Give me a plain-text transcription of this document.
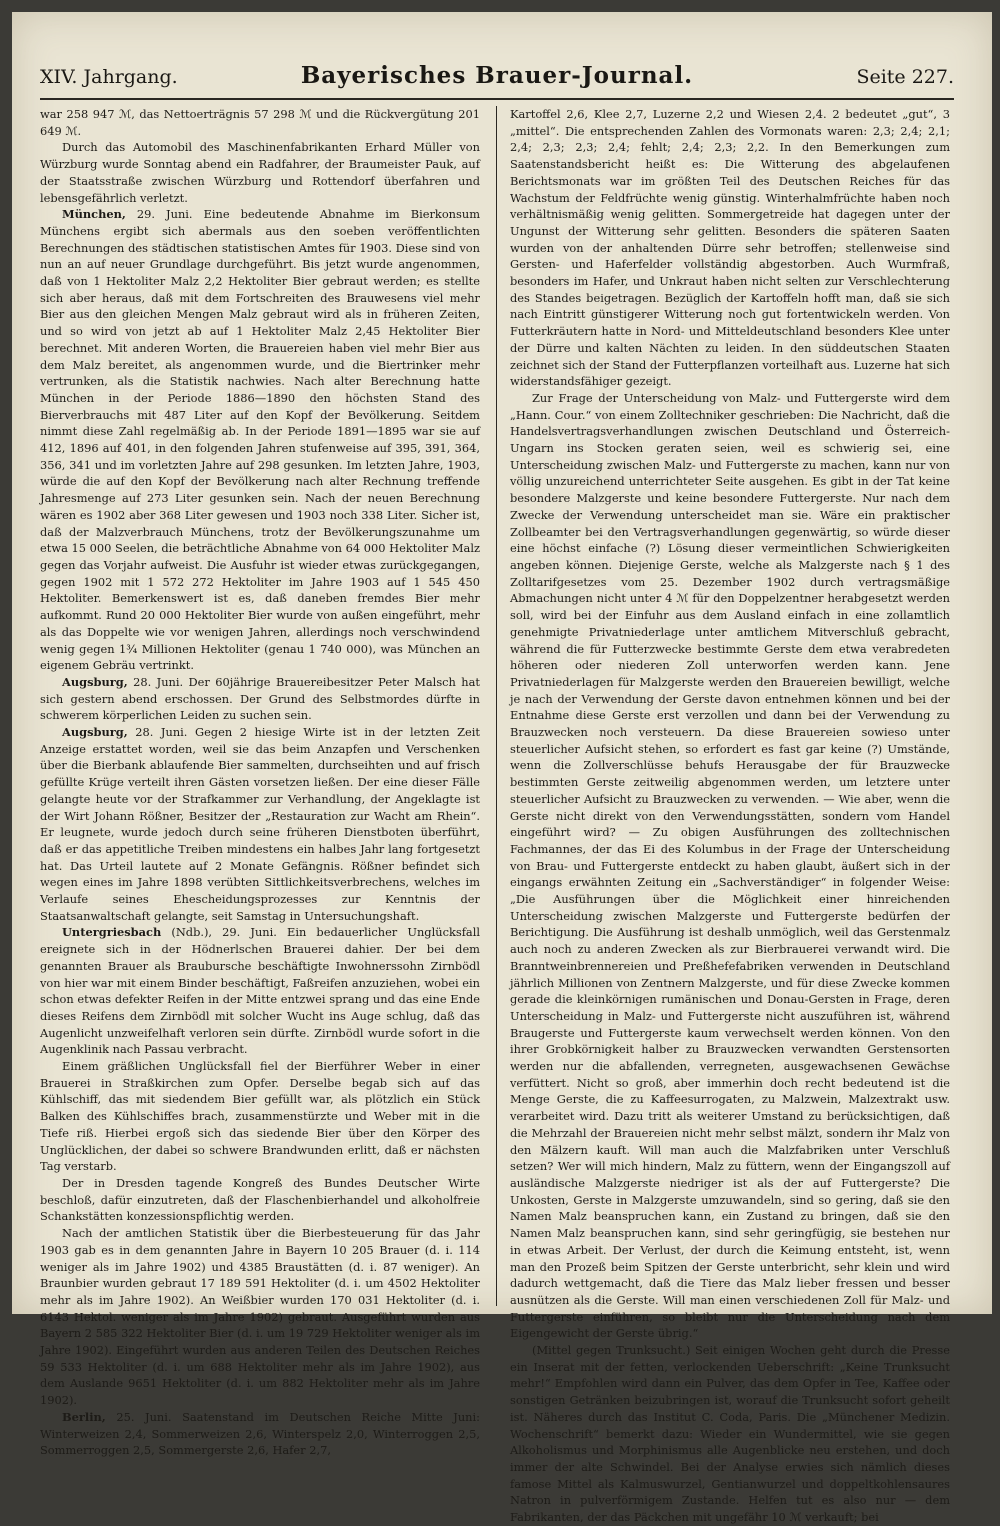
XIV. Jahrgang.	Bayerisches Brauer-Journal.	Seite 227.

war 258 947 ℳ, das Nettoerträgnis 57 298 ℳ und die Rückvergütung 201 649 ℳ.

Durch das Automobil des Maschinenfabrikanten Erhard Müller von Würzburg wurde Sonntag abend ein Radfahrer, der Braumeister Pauk, auf der Staatsstraße zwischen Würzburg und Rottendorf überfahren und lebensgefährlich verletzt.

München, 29. Juni. Eine bedeutende Abnahme im Bierkonsum Münchens ergibt sich abermals aus den soeben veröffentlichten Berechnungen des städtischen statistischen Amtes für 1903. Diese sind von nun an auf neuer Grundlage durchgeführt. Bis jetzt wurde angenommen, daß von 1 Hektoliter Malz 2,2 Hektoliter Bier gebraut werden; es stellte sich aber heraus, daß mit dem Fortschreiten des Brauwesens viel mehr Bier aus den gleichen Mengen Malz gebraut wird als in früheren Zeiten, und so wird von jetzt ab auf 1 Hektoliter Malz 2,45 Hektoliter Bier berechnet. Mit anderen Worten, die Brauereien haben viel mehr Bier aus dem Malz bereitet, als angenommen wurde, und die Biertrinker mehr vertrunken, als die Statistik nachwies. Nach alter Berechnung hatte München in der Periode 1886—1890 den höchsten Stand des Bierverbrauchs mit 487 Liter auf den Kopf der Bevölkerung. Seitdem nimmt diese Zahl regelmäßig ab. In der Periode 1891—1895 war sie auf 412, 1896 auf 401, in den folgenden Jahren stufenweise auf 395, 391, 364, 356, 341 und im vorletzten Jahre auf 298 gesunken. Im letzten Jahre, 1903, würde die auf den Kopf der Bevölkerung nach alter Rechnung treffende Jahresmenge auf 273 Liter gesunken sein. Nach der neuen Berechnung wären es 1902 aber 368 Liter gewesen und 1903 noch 338 Liter. Sicher ist, daß der Malzverbrauch Münchens, trotz der Bevölkerungszunahme um etwa 15 000 Seelen, die beträchtliche Abnahme von 64 000 Hektoliter Malz gegen das Vorjahr aufweist. Die Ausfuhr ist wieder etwas zurückgegangen, gegen 1902 mit 1 572 272 Hektoliter im Jahre 1903 auf 1 545 450 Hektoliter. Bemerkenswert ist es, daß daneben fremdes Bier mehr aufkommt. Rund 20 000 Hektoliter Bier wurde von außen eingeführt, mehr als das Doppelte wie vor wenigen Jahren, allerdings noch verschwindend wenig gegen 1¾ Millionen Hektoliter (genau 1 740 000), was München an eigenem Gebräu vertrinkt.

Augsburg, 28. Juni. Der 60jährige Brauereibesitzer Peter Malsch hat sich gestern abend erschossen. Der Grund des Selbstmordes dürfte in schwerem körperlichen Leiden zu suchen sein.

Augsburg, 28. Juni. Gegen 2 hiesige Wirte ist in der letzten Zeit Anzeige erstattet worden, weil sie das beim Anzapfen und Verschenken über die Bierbank ablaufende Bier sammelten, durchseihten und auf frisch gefüllte Krüge verteilt ihren Gästen vorsetzen ließen. Der eine dieser Fälle gelangte heute vor der Strafkammer zur Verhandlung, der Angeklagte ist der Wirt Johann Rößner, Besitzer der „Restauration zur Wacht am Rhein“. Er leugnete, wurde jedoch durch seine früheren Dienstboten überführt, daß er das appetitliche Treiben mindestens ein halbes Jahr lang fortgesetzt hat. Das Urteil lautete auf 2 Monate Gefängnis. Rößner befindet sich wegen eines im Jahre 1898 verübten Sittlichkeitsverbrechens, welches im Verlaufe seines Ehescheidungsprozesses zur Kenntnis der Staatsanwaltschaft gelangte, seit Samstag in Untersuchungshaft.

Untergriesbach (Ndb.), 29. Juni. Ein bedauerlicher Unglücksfall ereignete sich in der Hödnerlschen Brauerei dahier. Der bei dem genannten Brauer als Braubursche beschäftigte Inwohnerssohn Zirnbödl von hier war mit einem Binder beschäftigt, Faßreifen anzuziehen, wobei ein schon etwas defekter Reifen in der Mitte entzwei sprang und das eine Ende dieses Reifens dem Zirnbödl mit solcher Wucht ins Auge schlug, daß das Augenlicht unzweifelhaft verloren sein dürfte. Zirnbödl wurde sofort in die Augenklinik nach Passau verbracht.

Einem gräßlichen Unglücksfall fiel der Bierführer Weber in einer Brauerei in Straßkirchen zum Opfer. Derselbe begab sich auf das Kühlschiff, das mit siedendem Bier gefüllt war, als plötzlich ein Stück Balken des Kühlschiffes brach, zusammenstürzte und Weber mit in die Tiefe riß. Hierbei ergoß sich das siedende Bier über den Körper des Unglücklichen, der dabei so schwere Brandwunden erlitt, daß er nächsten Tag verstarb.

Der in Dresden tagende Kongreß des Bundes Deutscher Wirte beschloß, dafür einzutreten, daß der Flaschenbierhandel und alkoholfreie Schankstätten konzessionspflichtig werden.

Nach der amtlichen Statistik über die Bierbesteuerung für das Jahr 1903 gab es in dem genannten Jahre in Bayern 10 205 Brauer (d. i. 114 weniger als im Jahre 1902) und 4385 Braustätten (d. i. 87 weniger). An Braunbier wurden gebraut 17 189 591 Hektoliter (d. i. um 4502 Hektoliter mehr als im Jahre 1902). An Weißbier wurden 170 031 Hektoliter (d. i. 6143 Hektol. weniger als im Jahre 1902) gebraut. Ausgeführt wurden aus Bayern 2 585 322 Hektoliter Bier (d. i. um 19 729 Hektoliter weniger als im Jahre 1902). Eingeführt wurden aus anderen Teilen des Deutschen Reiches 59 533 Hektoliter (d. i. um 688 Hektoliter mehr als im Jahre 1902), aus dem Auslande 9651 Hektoliter (d. i. um 882 Hektoliter mehr als im Jahre 1902).

Berlin, 25. Juni. Saatenstand im Deutschen Reiche Mitte Juni: Winterweizen 2,4, Sommerweizen 2,6, Winterspelz 2,0, Winterroggen 2,5, Sommerroggen 2,5, Sommergerste 2,6, Hafer 2,7,

Kartoffel 2,6, Klee 2,7, Luzerne 2,2 und Wiesen 2,4. 2 bedeutet „gut“, 3 „mittel“. Die entsprechenden Zahlen des Vormonats waren: 2,3; 2,4; 2,1; 2,4; 2,3; 2,3; 2,4; fehlt; 2,4; 2,3; 2,2. In den Bemerkungen zum Saatenstandsbericht heißt es: Die Witterung des abgelaufenen Berichtsmonats war im größten Teil des Deutschen Reiches für das Wachstum der Feldfrüchte wenig günstig. Winterhalmfrüchte haben noch verhältnismäßig wenig gelitten. Sommergetreide hat dagegen unter der Ungunst der Witterung sehr gelitten. Besonders die späteren Saaten wurden von der anhaltenden Dürre sehr betroffen; stellenweise sind Gersten- und Haferfelder vollständig abgestorben. Auch Wurmfraß, besonders im Hafer, und Unkraut haben nicht selten zur Verschlechterung des Standes beigetragen. Bezüglich der Kartoffeln hofft man, daß sie sich nach Eintritt günstigerer Witterung noch gut fortentwickeln werden. Von Futterkräutern hatte in Nord- und Mitteldeutschland besonders Klee unter der Dürre und kalten Nächten zu leiden. In den süddeutschen Staaten zeichnet sich der Stand der Futterpflanzen vorteilhaft aus. Luzerne hat sich widerstandsfähiger gezeigt.

Zur Frage der Unterscheidung von Malz- und Futtergerste wird dem „Hann. Cour.“ von einem Zolltechniker geschrieben: Die Nachricht, daß die Handelsvertragsverhandlungen zwischen Deutschland und Österreich-Ungarn ins Stocken geraten seien, weil es schwierig sei, eine Unterscheidung zwischen Malz- und Futtergerste zu machen, kann nur von völlig unzureichend unterrichteter Seite ausgehen. Es gibt in der Tat keine besondere Malzgerste und keine besondere Futtergerste. Nur nach dem Zwecke der Verwendung unterscheidet man sie. Wäre ein praktischer Zollbeamter bei den Vertragsverhandlungen gegenwärtig, so würde dieser eine höchst einfache (?) Lösung dieser vermeintlichen Schwierigkeiten angeben können. Diejenige Gerste, welche als Malzgerste nach § 1 des Zolltarifgesetzes vom 25. Dezember 1902 durch vertragsmäßige Abmachungen nicht unter 4 ℳ für den Doppelzentner herabgesetzt werden soll, wird bei der Einfuhr aus dem Ausland einfach in eine zollamtlich genehmigte Privatniederlage unter amtlichem Mitverschluß gebracht, während die für Futterzwecke bestimmte Gerste dem etwa verabredeten höheren oder niederen Zoll unterworfen werden kann. Jene Privatniederlagen für Malzgerste werden den Brauereien bewilligt, welche je nach der Verwendung der Gerste davon entnehmen können und bei der Entnahme diese Gerste erst verzollen und dann bei der Verwendung zu Brauzwecken noch versteuern. Da diese Brauereien sowieso unter steuerlicher Aufsicht stehen, so erfordert es fast gar keine (?) Umstände, wenn die Zollverschlüsse behufs Herausgabe der für Brauzwecke bestimmten Gerste zeitweilig abgenommen werden, um letztere unter steuerlicher Aufsicht zu Brauzwecken zu verwenden. — Wie aber, wenn die Gerste nicht direkt von den Verwendungsstätten, sondern vom Handel eingeführt wird? — Zu obigen Ausführungen des zolltechnischen Fachmannes, der das Ei des Kolumbus in der Frage der Unterscheidung von Brau- und Futtergerste entdeckt zu haben glaubt, äußert sich in der eingangs erwähnten Zeitung ein „Sachverständiger“ in folgender Weise: „Die Ausführungen über die Möglichkeit einer hinreichenden Unterscheidung zwischen Malzgerste und Futtergerste bedürfen der Berichtigung. Die Ausführung ist deshalb unmöglich, weil das Gerstenmalz auch noch zu anderen Zwecken als zur Bierbrauerei verwandt wird. Die Branntweinbrennereien und Preßhefefabriken verwenden in Deutschland jährlich Millionen von Zentnern Malzgerste, und für diese Zwecke kommen gerade die kleinkörnigen rumänischen und Donau-Gersten in Frage, deren Unterscheidung in Malz- und Futtergerste nicht auszuführen ist, während Braugerste und Futtergerste kaum verwechselt werden können. Von den ihrer Grobkörnigkeit halber zu Brauzwecken verwandten Gerstensorten werden nur die abfallenden, verregneten, ausgewachsenen Gewächse verfüttert. Nicht so groß, aber immerhin doch recht bedeutend ist die Menge Gerste, die zu Kaffeesurrogaten, zu Malzwein, Malzextrakt usw. verarbeitet wird. Dazu tritt als weiterer Umstand zu berücksichtigen, daß die Mehrzahl der Brauereien nicht mehr selbst mälzt, sondern ihr Malz von den Mälzern kauft. Will man auch die Malzfabriken unter Verschluß setzen? Wer will mich hindern, Malz zu füttern, wenn der Eingangszoll auf ausländische Malzgerste niedriger ist als der auf Futtergerste? Die Unkosten, Gerste in Malzgerste umzuwandeln, sind so gering, daß sie den Namen Malz beanspruchen kann, ein Zustand zu bringen, daß sie den Namen Malz beanspruchen kann, sind sehr geringfügig, sie bestehen nur in etwas Arbeit. Der Verlust, der durch die Keimung entsteht, ist, wenn man den Prozeß beim Spitzen der Gerste unterbricht, sehr klein und wird dadurch wettgemacht, daß die Tiere das Malz lieber fressen und besser ausnützen als die Gerste. Will man einen verschiedenen Zoll für Malz- und Futtergerste einführen, so bleibt nur die Unterscheidung nach dem Eigengewicht der Gerste übrig.“

(Mittel gegen Trunksucht.) Seit einigen Wochen geht durch die Presse ein Inserat mit der fetten, verlockenden Ueberschrift: „Keine Trunksucht mehr!“ Empfohlen wird dann ein Pulver, das dem Opfer in Tee, Kaffee oder sonstigen Getränken beizubringen ist, worauf die Trunksucht sofort geheilt ist. Näheres durch das Institut C. Coda, Paris. Die „Münchener Medizin. Wochenschrift“ bemerkt dazu: Wieder ein Wundermittel, wie sie gegen Alkoholismus und Morphinismus alle Augenblicke neu erstehen, und doch immer der alte Schwindel. Bei der Analyse erwies sich nämlich dieses famose Mittel als Kalmuswurzel, Gentianwurzel und doppeltkohlensaures Natron in pulverförmigem Zustande. Helfen tut es also nur — dem Fabrikanten, der das Päckchen mit ungefähr 10 ℳ verkauft; bei
